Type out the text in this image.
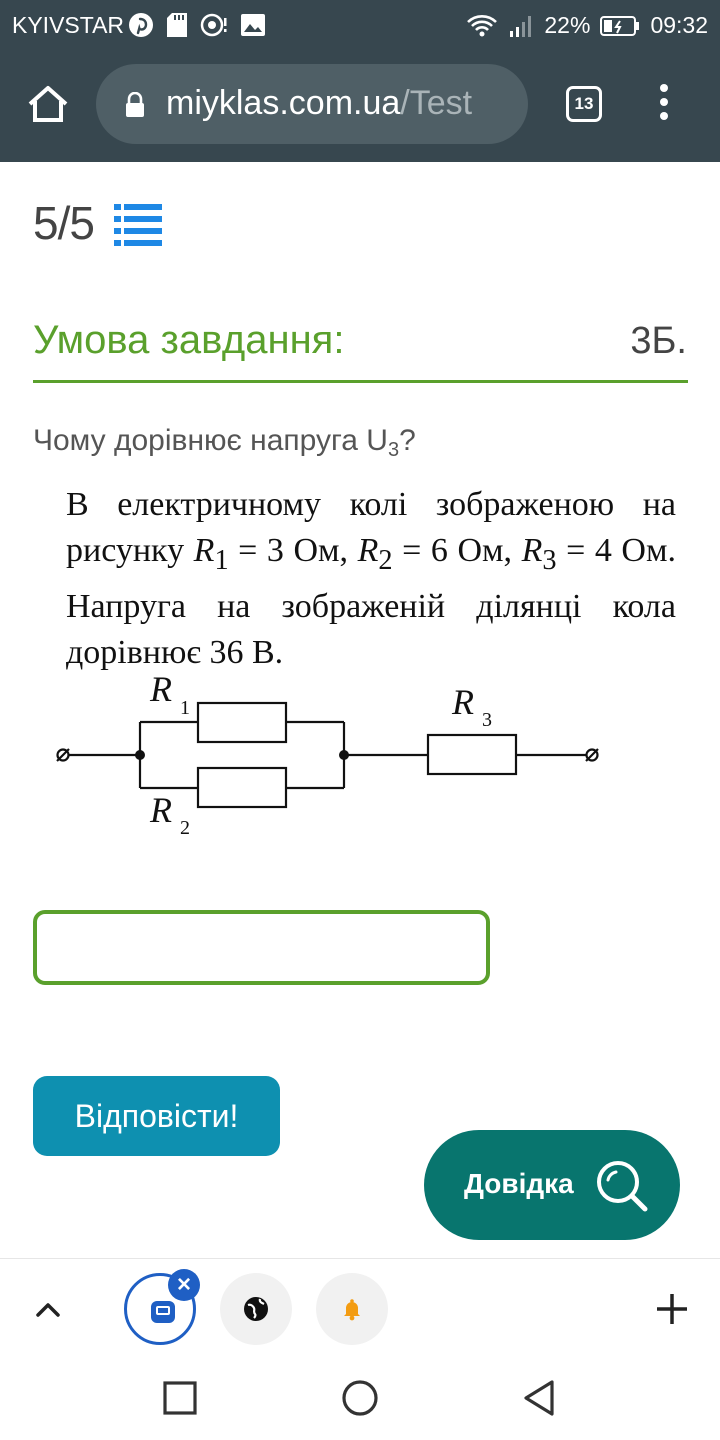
KYIVSTAR	22%	09:32
miyklas.com.ua/Test	13
5/5
Умова завдання:	3Б.
Чому дорівнює напруга $U_3$?
В електричному колі зображеною на рисунку $R_1 = 3$ Ом, $R_2 = 6$ Ом, $R_3 = 4$ Ом. Напруга на зображеній ділянці кола дорівнює 36 В.
R 1
R 2
R 3
Відповісти!
Довідка
×
